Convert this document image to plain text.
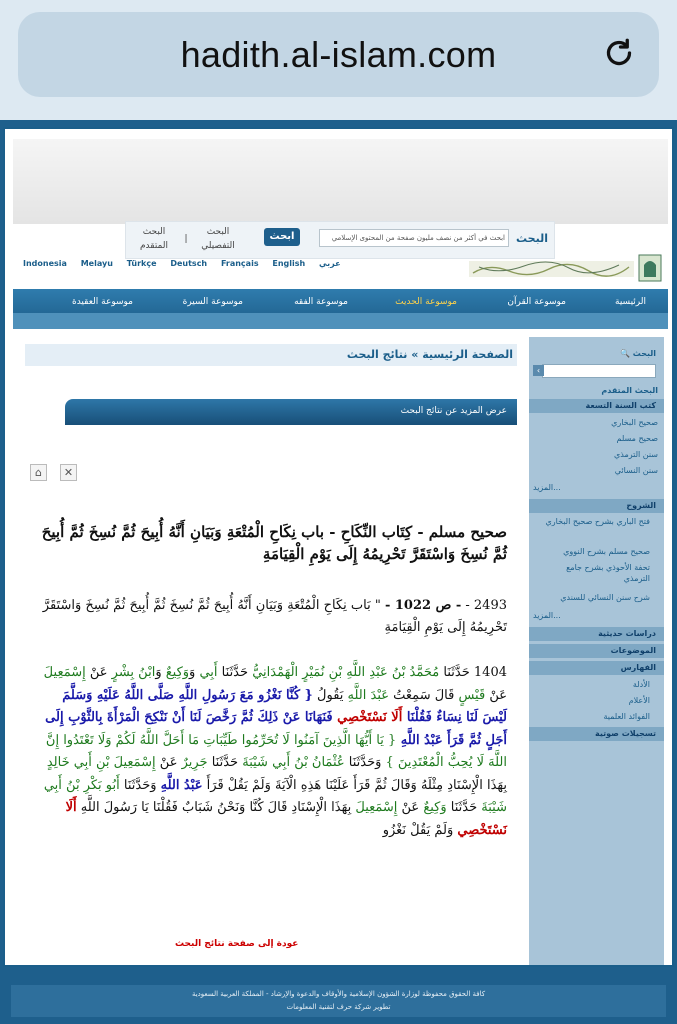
hadith.al-islam.com
البحث
ابحث في أكثر من نصف مليون صفحة من المحتوى الإسلامي
ابحث
البحث التفصيلي
|
البحث المتقدم
Indonesia Melayu Türkçe Deutsch Français English عربي
الرئيسية
موسوعة القرآن
موسوعة الحديث
موسوعة الفقه
موسوعة السيرة
موسوعة العقيدة
🔍 البحث
‹
البحث المتقدم
كتب السنة التسعة
صحيح البخاري
صحيح مسلم
سنن الترمذي
سنن النسائي
المزيد...
الشروح
فتح الباري بشرح صحيح البخاري
صحيح مسلم بشرح النووي
تحفة الأحوذي بشرح جامع الترمذي
شرح سنن النسائي للسندي
المزيد...
دراسات حديثية
الموضوعات
الفهارس
الأدلة
الأعلام
الفوائد العلمية
تسجيلات صوتية
الصفحة الرئيسية » نتائج البحث
عرض المزيد عن نتائج البحث
⌂	✕
صحيح مسلم - كِتَاب النِّكَاحِ - باب نِكَاحِ الْمُتْعَةِ وَبَيَانِ أَنَّهُ أُبِيحَ ثُمَّ نُسِخَ ثُمَّ أُبِيحَ ثُمَّ نُسِخَ وَاسْتَقَرَّ تَحْرِيمُهُ إِلَى يَوْمِ الْقِيَامَةِ
2493 - - ص 1022 - " بَاب نِكَاحِ الْمُتْعَةِ وَبَيَانِ أَنَّهُ أُبِيحَ ثُمَّ نُسِخَ ثُمَّ أُبِيحَ ثُمَّ نُسِخَ وَاسْتَقَرَّ تَحْرِيمُهُ إِلَى يَوْمِ الْقِيَامَةِ
1404 حَدَّثَنَا مُحَمَّدُ بْنُ عَبْدِ اللَّهِ بْنِ نُمَيْرٍ الْهَمْدَانِيُّ حَدَّثَنَا أَبِي وَوَكِيعٌ وَابْنُ بِشْرٍ عَنْ إِسْمَعِيلَ عَنْ قَيْسٍ قَالَ سَمِعْتُ عَبْدَ اللَّهِ يَقُولُ { كُنَّا نَغْزُو مَعَ رَسُولِ اللَّهِ صَلَّى اللَّهُ عَلَيْهِ وَسَلَّمَ لَيْسَ لَنَا نِسَاءٌ فَقُلْنَا أَلَا نَسْتَخْصِي فَنَهَانَا عَنْ ذَلِكَ ثُمَّ رَخَّصَ لَنَا أَنْ نَنْكِحَ الْمَرْأَةَ بِالثَّوْبِ إِلَى أَجَلٍ ثُمَّ قَرَأَ عَبْدُ اللَّهِ { يَا أَيُّهَا الَّذِينَ آمَنُوا لَا تُحَرِّمُوا طَيِّبَاتِ مَا أَحَلَّ اللَّهُ لَكُمْ وَلَا تَعْتَدُوا إِنَّ اللَّهَ لَا يُحِبُّ الْمُعْتَدِينَ } وَحَدَّثَنَا عُثْمَانُ بْنُ أَبِي شَيْبَةَ حَدَّثَنَا جَرِيرٌ عَنْ إِسْمَعِيلَ بْنِ أَبِي خَالِدٍ بِهَذَا الْإِسْنَادِ مِثْلَهُ وَقَالَ ثُمَّ قَرَأَ عَلَيْنَا هَذِهِ الْآيَةَ وَلَمْ يَقُلْ قَرَأَ عَبْدُ اللَّهِ وَحَدَّثَنَا أَبُو بَكْرِ بْنُ أَبِي شَيْبَةَ حَدَّثَنَا وَكِيعٌ عَنْ إِسْمَعِيلَ بِهَذَا الْإِسْنَادِ قَالَ كُنَّا وَنَحْنُ شَبَابٌ فَقُلْنَا يَا رَسُولَ اللَّهِ أَلَا نَسْتَخْصِي وَلَمْ يَقُلْ نَغْزُو
عودة إلى صفحة نتائج البحث
كافة الحقوق محفوظة لوزارة الشؤون الإسلامية والأوقاف والدعوة والإرشاد - المملكة العربية السعودية
تطوير شركة حرف لتقنية المعلومات
